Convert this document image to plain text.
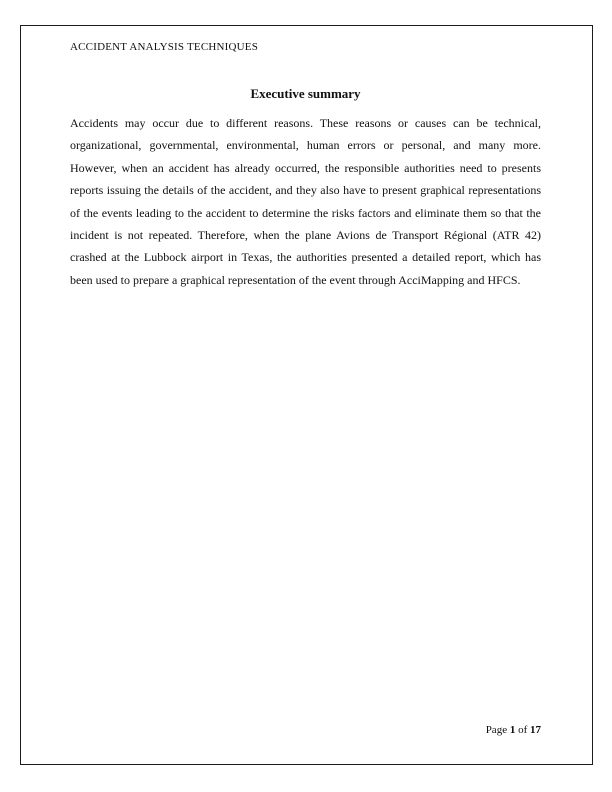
ACCIDENT ANALYSIS TECHNIQUES
Executive summary
Accidents may occur due to different reasons. These reasons or causes can be technical, organizational, governmental, environmental, human errors or personal, and many more. However, when an accident has already occurred, the responsible authorities need to presents reports issuing the details of the accident, and they also have to present graphical representations of the events leading to the accident to determine the risks factors and eliminate them so that the incident is not repeated. Therefore, when the plane Avions de Transport Régional (ATR 42) crashed at the Lubbock airport in Texas, the authorities presented a detailed report, which has been used to prepare a graphical representation of the event through AcciMapping and HFCS.
Page 1 of 17
